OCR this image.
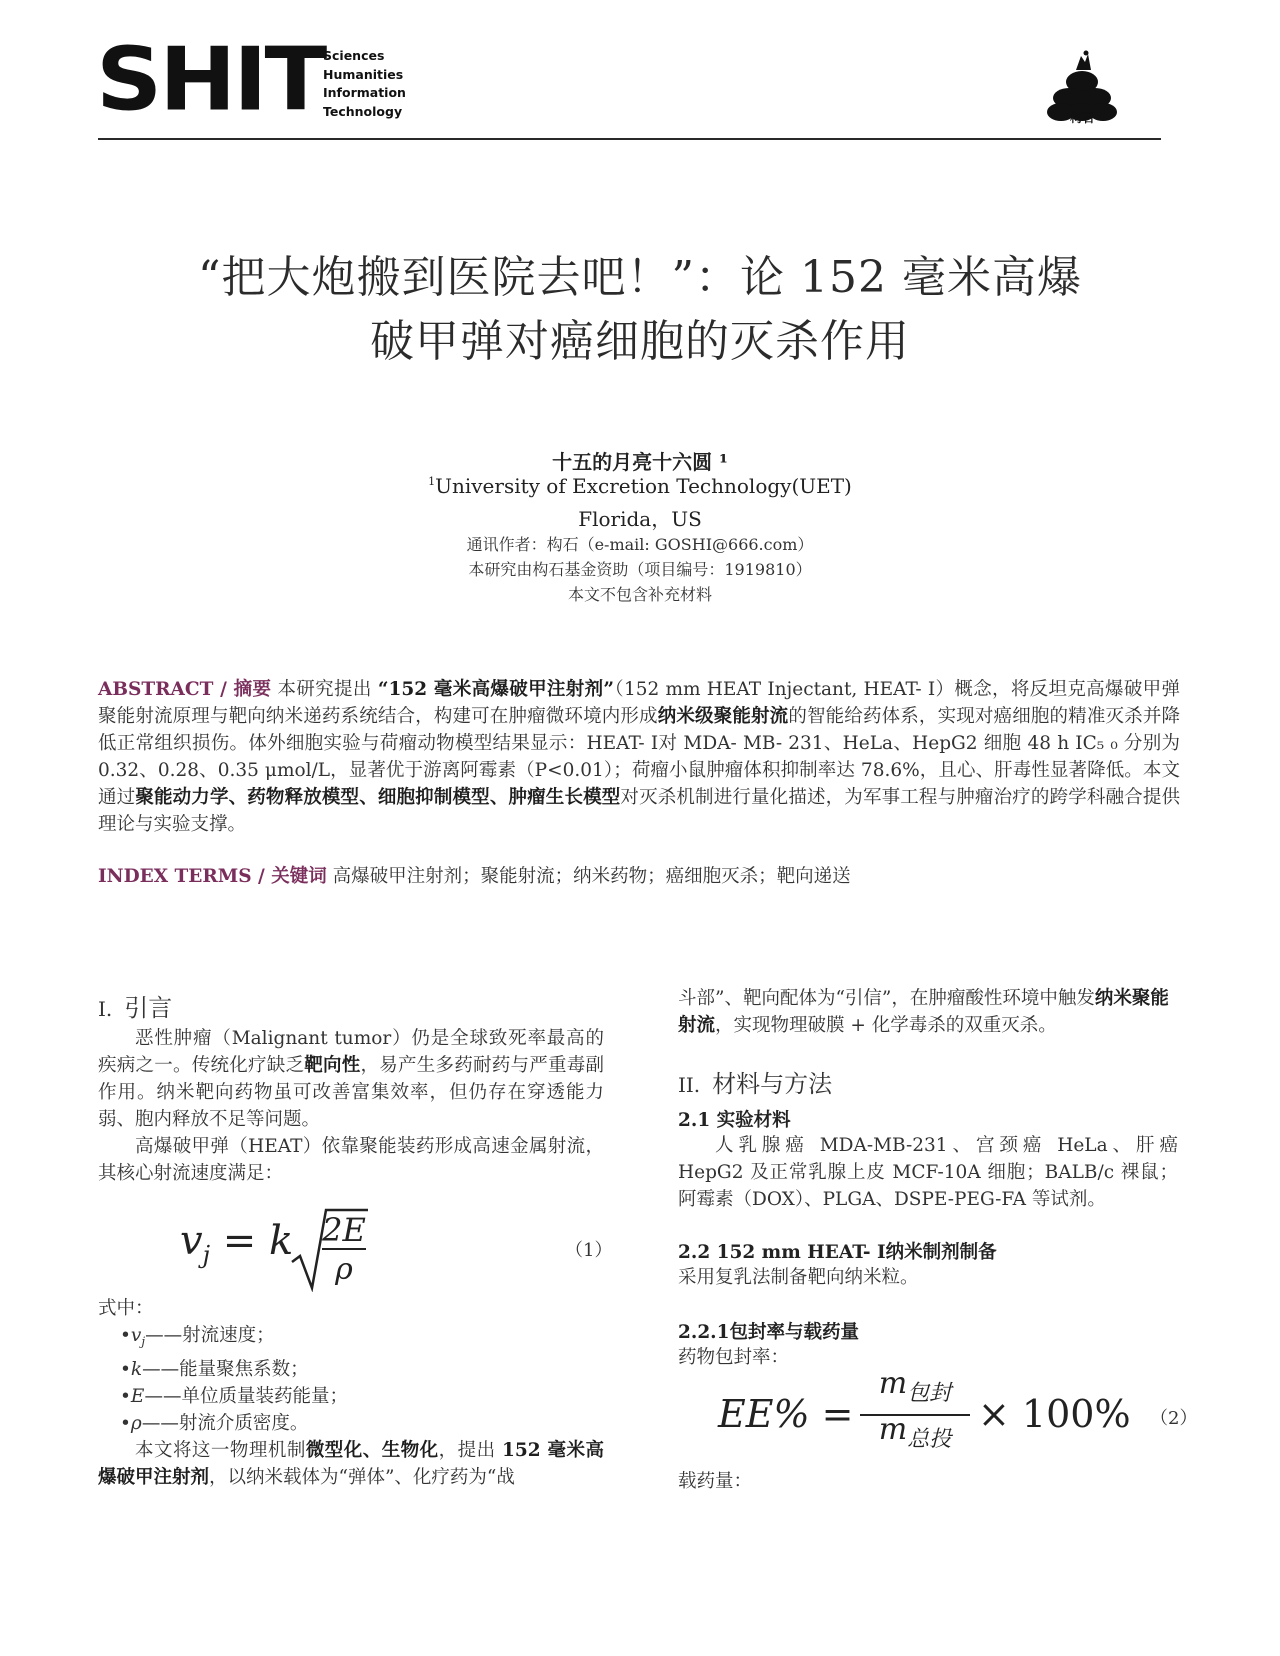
SHIT
Sciences
Humanities
Information
Technology	构石
“把大炮搬到医院去吧！”：论 152 毫米高爆
破甲弹对癌细胞的灭杀作用
十五的月亮十六圆 ¹
$^1$University of Excretion Technology(UET)
Florida，US
通讯作者：构石（e-mail: GOSHI@666.com）
本研究由构石基金资助（项目编号：1919810）
本文不包含补充材料
ABSTRACT / 摘要 本研究提出 “152 毫米高爆破甲注射剂”（152 mm HEAT Injectant, HEAT- Ⅰ）概念，将反坦克高爆破甲弹聚能射流原理与靶向纳米递药系统结合，构建可在肿瘤微环境内形成纳米级聚能射流的智能给药体系，实现对癌细胞的精准灭杀并降低正常组织损伤。体外细胞实验与荷瘤动物模型结果显示：HEAT- Ⅰ对 MDA- MB- 231、HeLa、HepG2 细胞 48 h IC₅ ₀ 分别为 0.32、0.28、0.35 μmol/L，显著优于游离阿霉素（P<0.01）；荷瘤小鼠肿瘤体积抑制率达 78.6%，且心、肝毒性显著降低。本文通过聚能动力学、药物释放模型、细胞抑制模型、肿瘤生长模型对灭杀机制进行量化描述，为军事工程与肿瘤治疗的跨学科融合提供理论与实验支撑。
INDEX TERMS / 关键词 高爆破甲注射剂；聚能射流；纳米药物；癌细胞灭杀；靶向递送
I. 引言

恶性肿瘤（Malignant tumor）仍是全球致死率最高的疾病之一。传统化疗缺乏靶向性，易产生多药耐药与严重毒副作用。纳米靶向药物虽可改善富集效率，但仍存在穿透能力弱、胞内释放不足等问题。

高爆破甲弹（HEAT）依靠聚能装药形成高速金属射流，其核心射流速度满足：

$v_j = k$ 2E
ρ
（1）
式中：
$•v_j——$射流速度；
•k——能量聚焦系数；
•E——单位质量装药能量；
•ρ——射流介质密度。

本文将这一物理机制微型化、生物化，提出 152 毫米高爆破甲注射剂，以纳米载体为“弹体”、化疗药为“战

斗部”、靶向配体为“引信”，在肿瘤酸性环境中触发纳米聚能射流，实现物理破膜 + 化学毒杀的双重灭杀。
II. 材料与方法
2.1 实验材料

人乳腺癌 MDA-MB-231、宫颈癌 HeLa、肝癌 HepG2 及正常乳腺上皮 MCF-10A 细胞；BALB/c 裸鼠；阿霉素（DOX）、PLGA、DSPE-PEG-FA 等试剂。

2.2 152 mm HEAT- Ⅰ纳米制剂制备
采用复乳法制备靶向纳米粒。
2.2.1包封率与载药量
药物包封率：
EE% =
$m_{包封}$
$m_{总投}$
× 100% （2）
载药量：
